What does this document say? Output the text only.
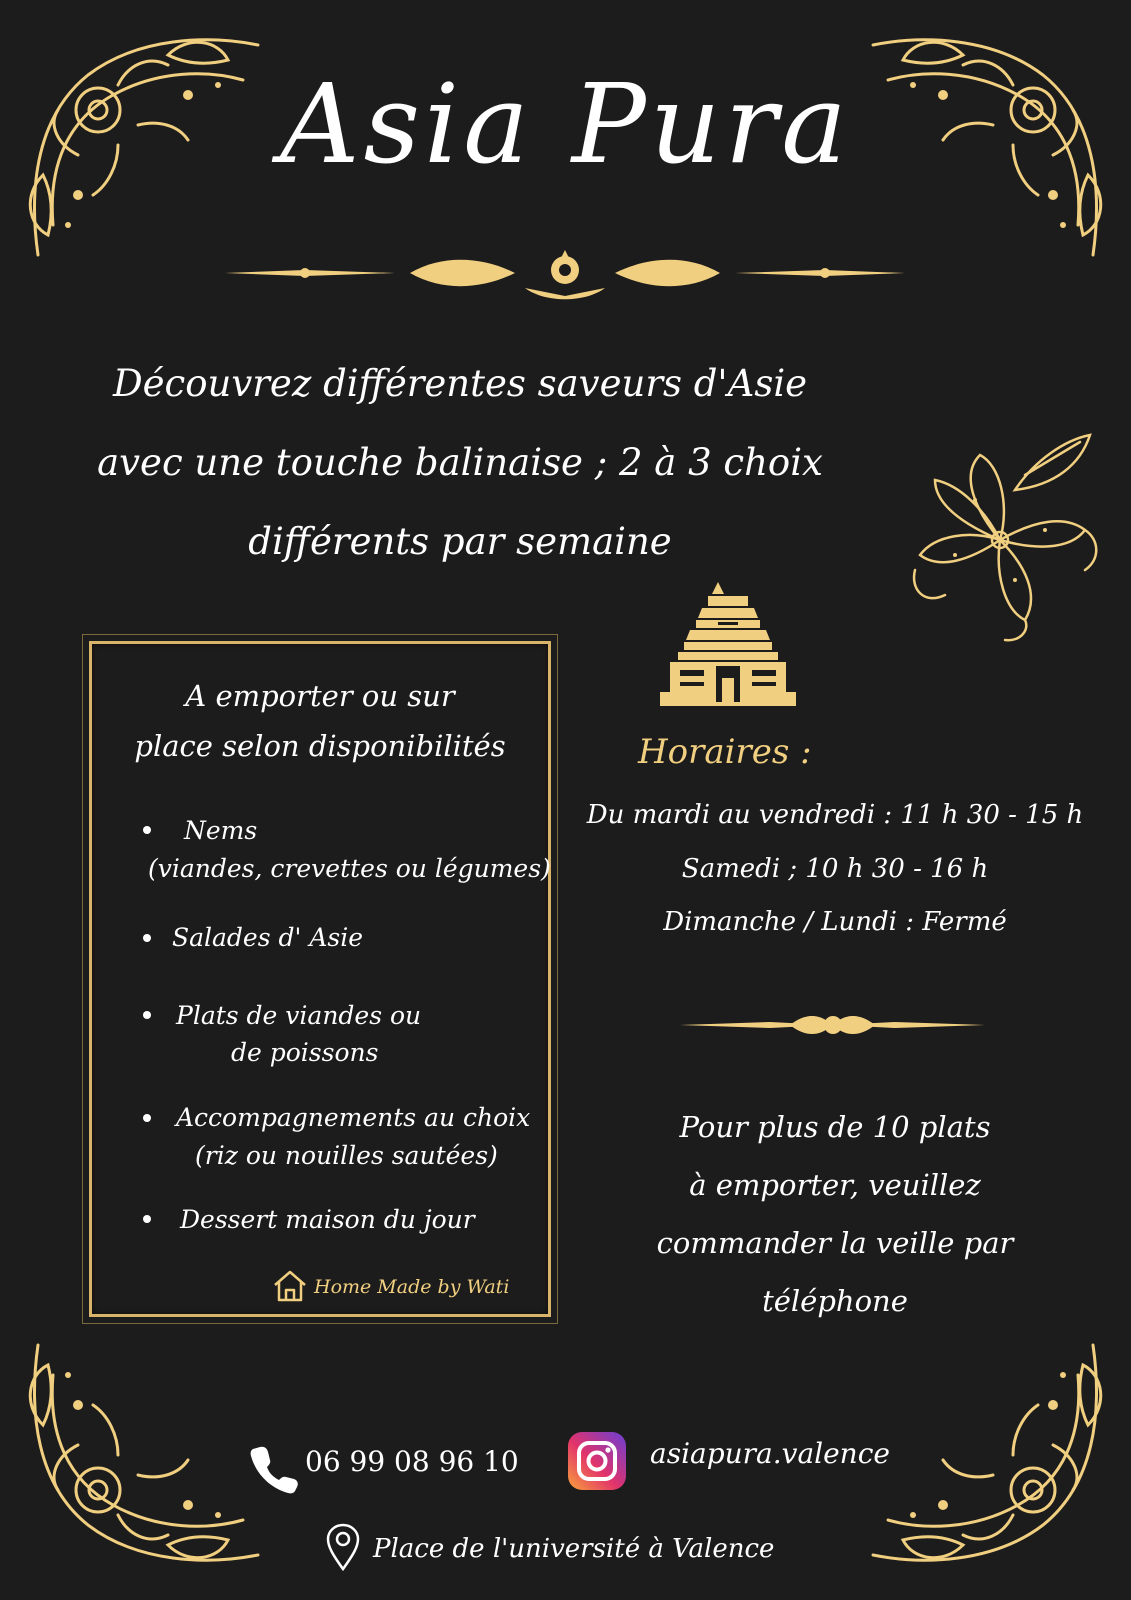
Asia Pura
Découvrez différentes saveurs d'Asie
avec une touche balinaise ; 2 à 3 choix
différents par semaine
A emporter ou sur
place selon disponibilités
Nems
(viandes, crevettes ou légumes)
Salades d' Asie
Plats de viandes ou
de poissons
Accompagnements au choix
(riz ou nouilles sautées)
Dessert maison du jour
Home Made by Wati
Horaires :
Du mardi au vendredi : 11 h 30 - 15 h
Samedi ; 10 h 30 - 16 h
Dimanche / Lundi : Fermé
Pour plus de 10 plats
à emporter, veuillez
commander la veille par
téléphone
06 99 08 96 10	asiapura.valence
Place de l'université à Valence
